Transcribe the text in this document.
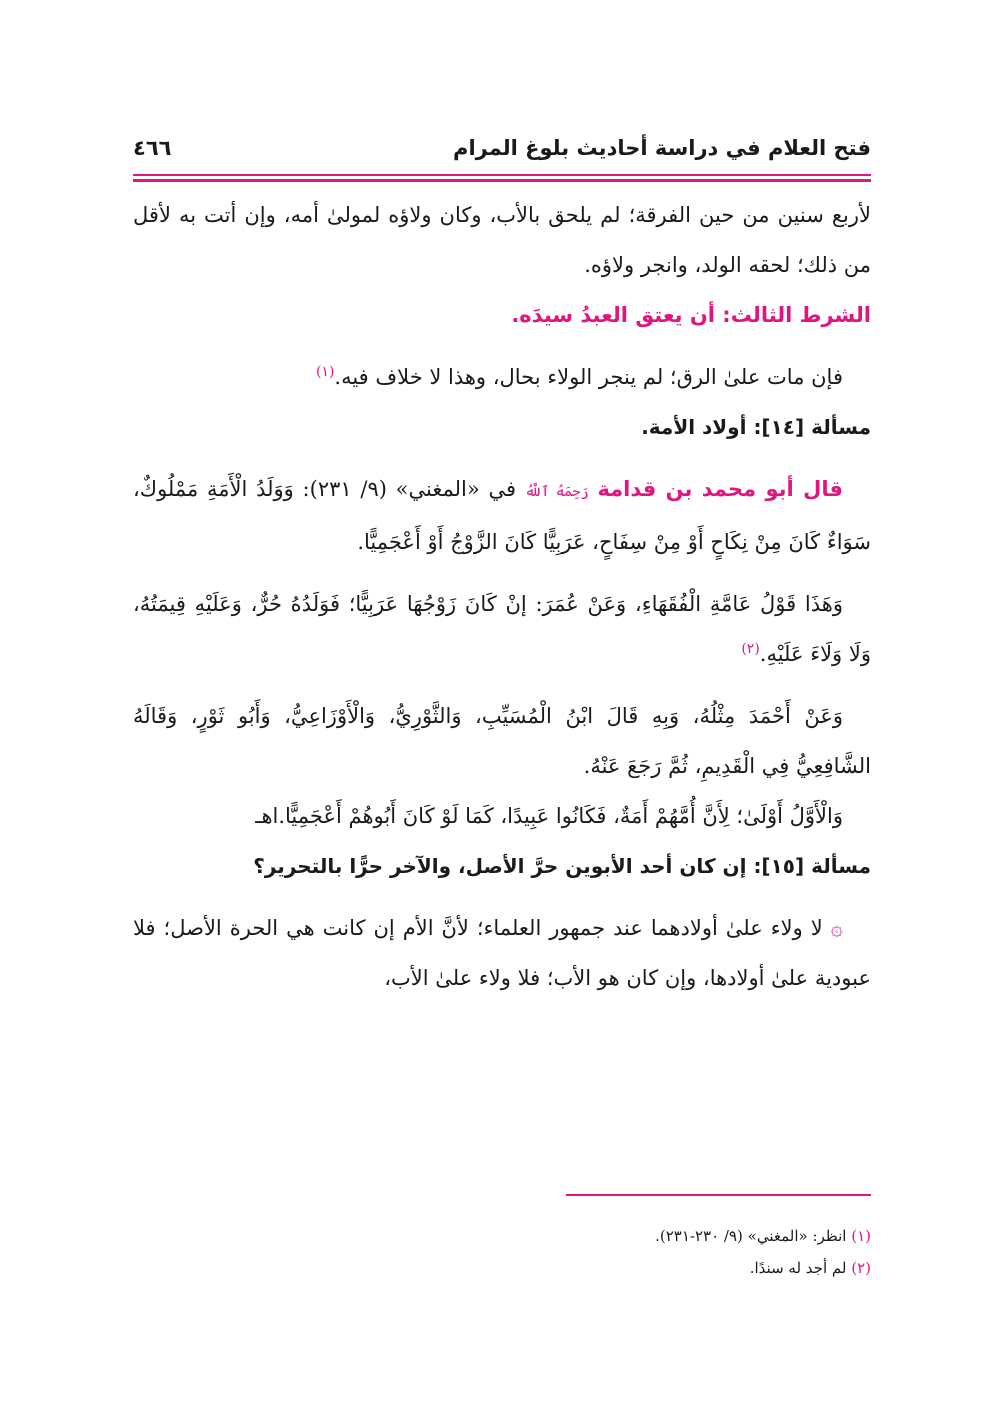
فتح العلام في دراسة أحاديث بلوغ المرام
٤٦٦

لأربع سنين من حين الفرقة؛ لم يلحق بالأب، وكان ولاؤه لمولىٰ أمه، وإن أتت به لأقل من ذلك؛ لحقه الولد، وانجر ولاؤه.

الشرط الثالث: أن يعتق العبدُ سيدَه.

فإن مات علىٰ الرق؛ لم ينجر الولاء بحال، وهذا لا خلاف فيه.$^{(١)}$

مسألة [١٤]: أولاد الأمة.

قال أبو محمد بن قدامة رَحِمَهُ ٱللَّهُ في «المغني» (٩/ ٢٣١): وَوَلَدُ الْأَمَةِ مَمْلُوكٌ، سَوَاءٌ كَانَ مِنْ نِكَاحٍ أَوْ مِنْ سِفَاحٍ، عَرَبِيًّا كَانَ الزَّوْجُ أَوْ أَعْجَمِيًّا.

وَهَذَا قَوْلُ عَامَّةِ الْفُقَهَاءِ، وَعَنْ عُمَرَ: إنْ كَانَ زَوْجُهَا عَرَبِيًّا؛ فَوَلَدُهُ حُرٌّ، وَعَلَيْهِ قِيمَتُهُ، وَلَا وَلَاءَ عَلَيْهِ.$^{(٢)}$

وَعَنْ أَحْمَدَ مِثْلُهُ، وَبِهِ قَالَ ابْنُ الْمُسَيِّبِ، وَالثَّوْرِيُّ، وَالْأَوْزَاعِيُّ، وَأَبُو ثَوْرٍ، وَقَالَهُ الشَّافِعِيُّ فِي الْقَدِيمِ، ثُمَّ رَجَعَ عَنْهُ.

وَالْأَوَّلُ أَوْلَىٰ؛ لِأَنَّ أُمَّهُمْ أَمَةٌ، فَكَانُوا عَبِيدًا، كَمَا لَوْ كَانَ أَبُوهُمْ أَعْجَمِيًّا.اهـ

مسألة [١٥]: إن كان أحد الأبوين حرَّ الأصل، والآخر حرًّا بالتحرير؟

۞ لا ولاء علىٰ أولادهما عند جمهور العلماء؛ لأنَّ الأم إن كانت هي الحرة الأصل؛ فلا عبودية علىٰ أولادها، وإن كان هو الأب؛ فلا ولاء علىٰ الأب،

(١) انظر: «المغني» (٩/ ٢٣٠-٢٣١).

(٢) لم أجد له سندًا.
